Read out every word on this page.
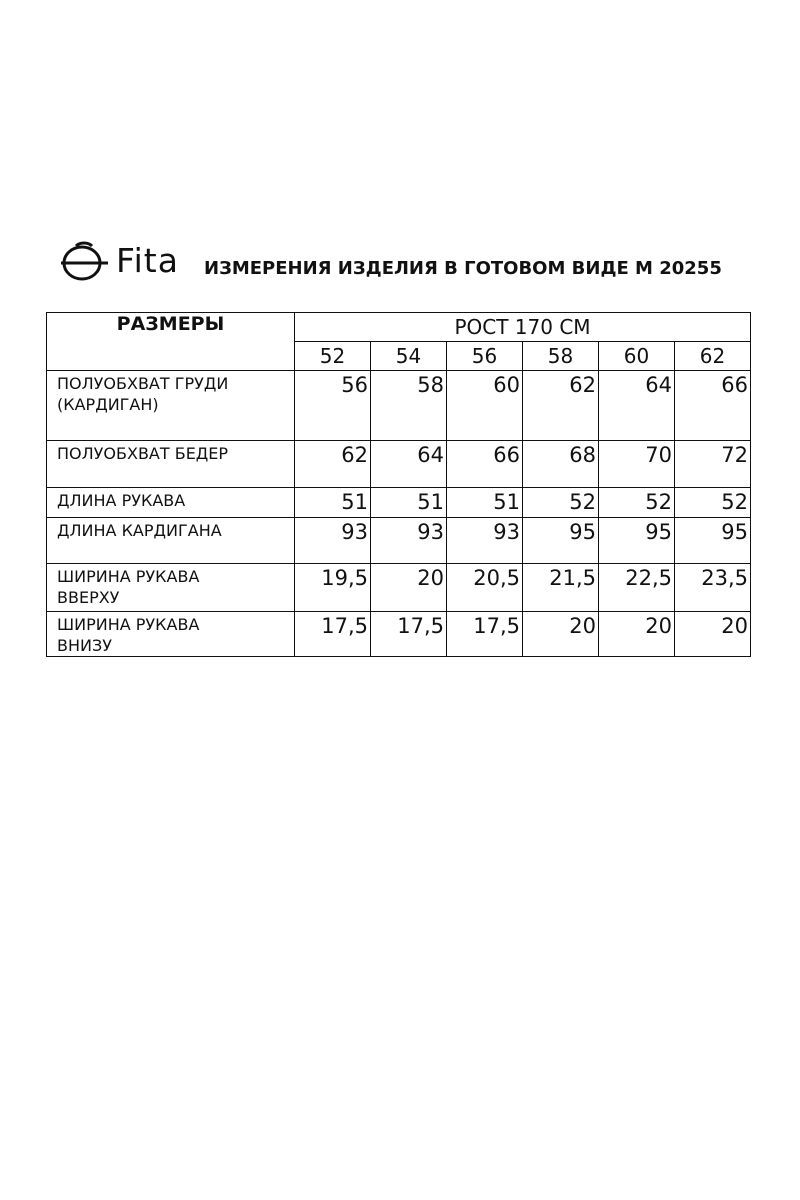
Fita ИЗМЕРЕНИЯ ИЗДЕЛИЯ В ГОТОВОМ ВИДЕ М 20255
РАЗМЕРЫ	РОСТ 170 СМ					
	52	54	56	58	60	62
ПОЛУОБХВАТ ГРУДИ
(КАРДИГАН)	56	58	60	62	64	66
ПОЛУОБХВАТ БЕДЕР	62	64	66	68	70	72
ДЛИНА РУКАВА	51	51	51	52	52	52
ДЛИНА КАРДИГАНА	93	93	93	95	95	95
ШИРИНА РУКАВА
ВВЕРХУ	19,5	20	20,5	21,5	22,5	23,5
ШИРИНА РУКАВА
ВНИЗУ	17,5	17,5	17,5	20	20	20
